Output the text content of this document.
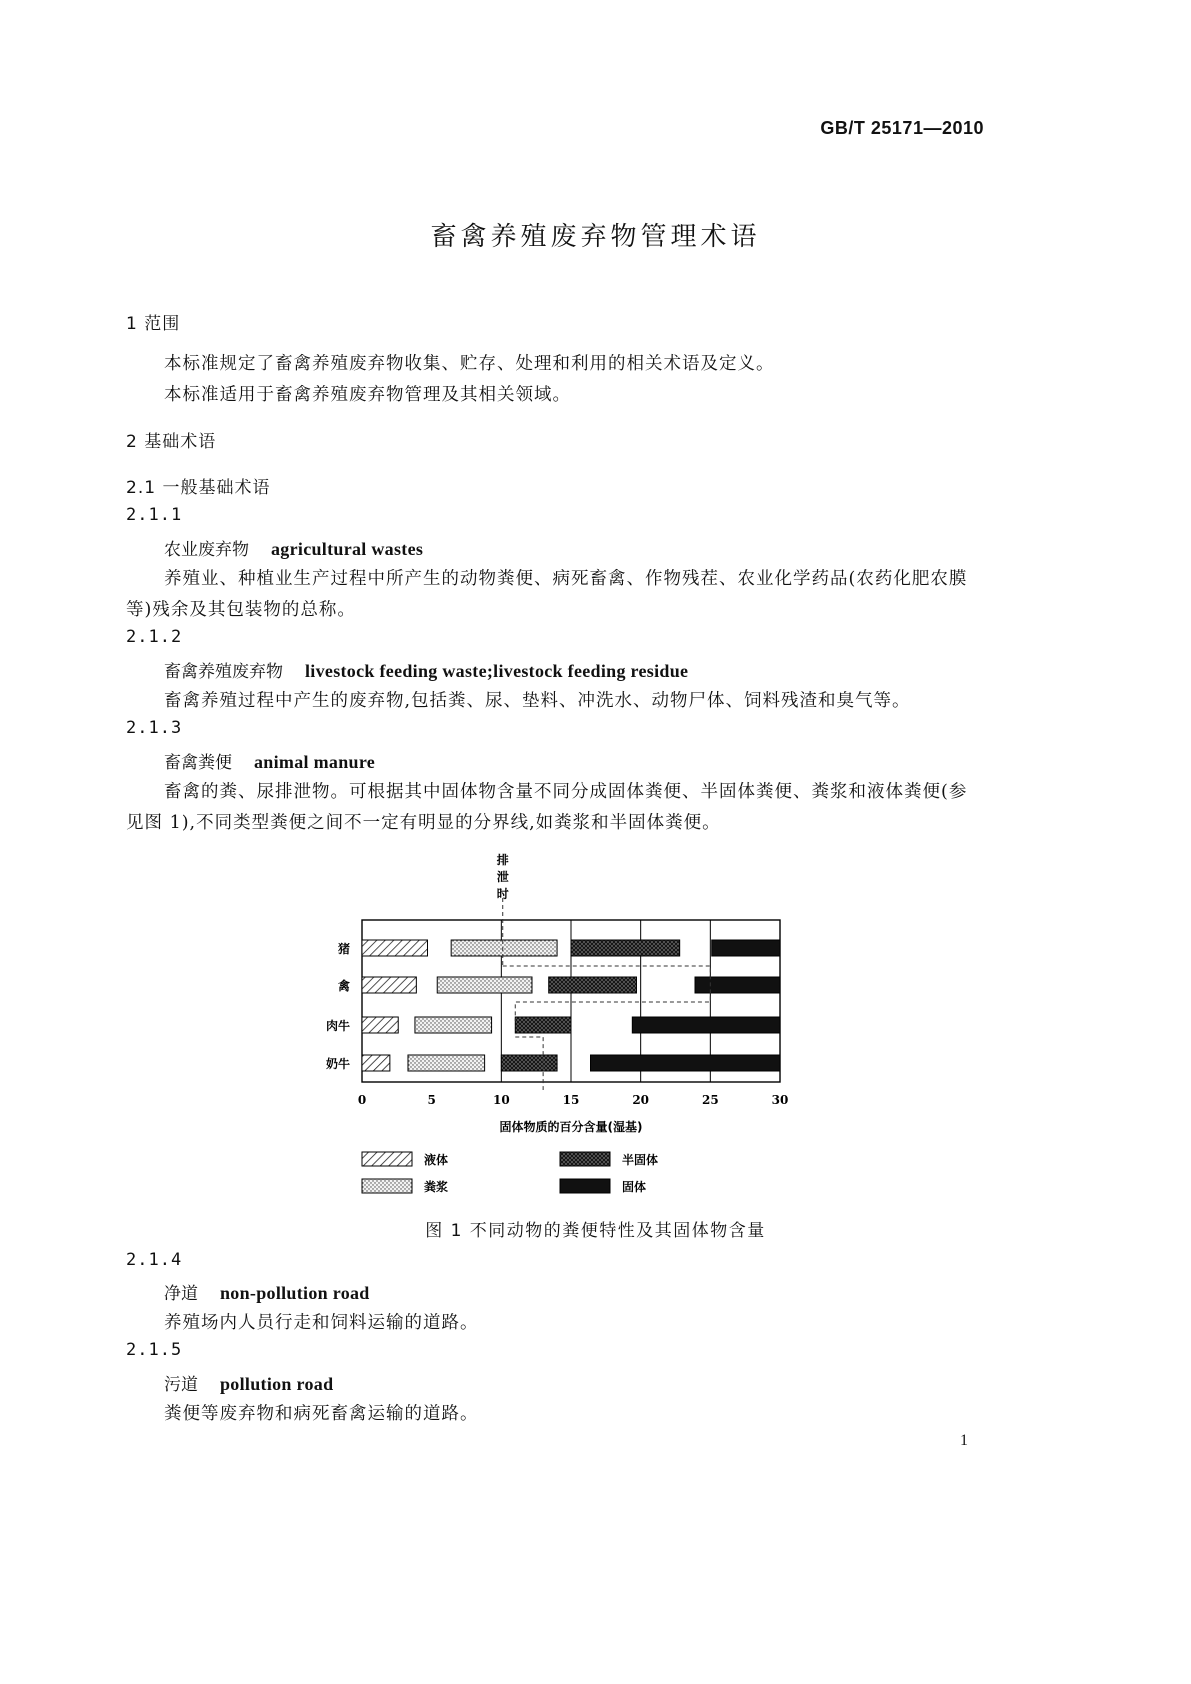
GB/T 25171—2010
畜禽养殖废弃物管理术语
1 范围
本标准规定了畜禽养殖废弃物收集、贮存、处理和利用的相关术语及定义。
本标准适用于畜禽养殖废弃物管理及其相关领域。
2 基础术语
2.1 一般基础术语
2.1.1
农业废弃物 agricultural wastes
养殖业、种植业生产过程中所产生的动物粪便、病死畜禽、作物残茬、农业化学药品(农药化肥农膜
等)残余及其包装物的总称。
2.1.2
畜禽养殖废弃物 livestock feeding waste;livestock feeding residue
畜禽养殖过程中产生的废弃物,包括粪、尿、垫料、冲洗水、动物尸体、饲料残渣和臭气等。
2.1.3
畜禽粪便 animal manure
畜禽的粪、尿排泄物。可根据其中固体物含量不同分成固体粪便、半固体粪便、粪浆和液体粪便(参
见图 1),不同类型粪便之间不一定有明显的分界线,如粪浆和半固体粪便。
0	5	10	15	20	25	30
固体物质的百分含量(湿基)
猪
禽
肉牛
奶牛
排
泄
时
液体	半固体
粪浆	固体
图 1 不同动物的粪便特性及其固体物含量
2.1.4
净道 non-pollution road
养殖场内人员行走和饲料运输的道路。
2.1.5
污道 pollution road
粪便等废弃物和病死畜禽运输的道路。
1
